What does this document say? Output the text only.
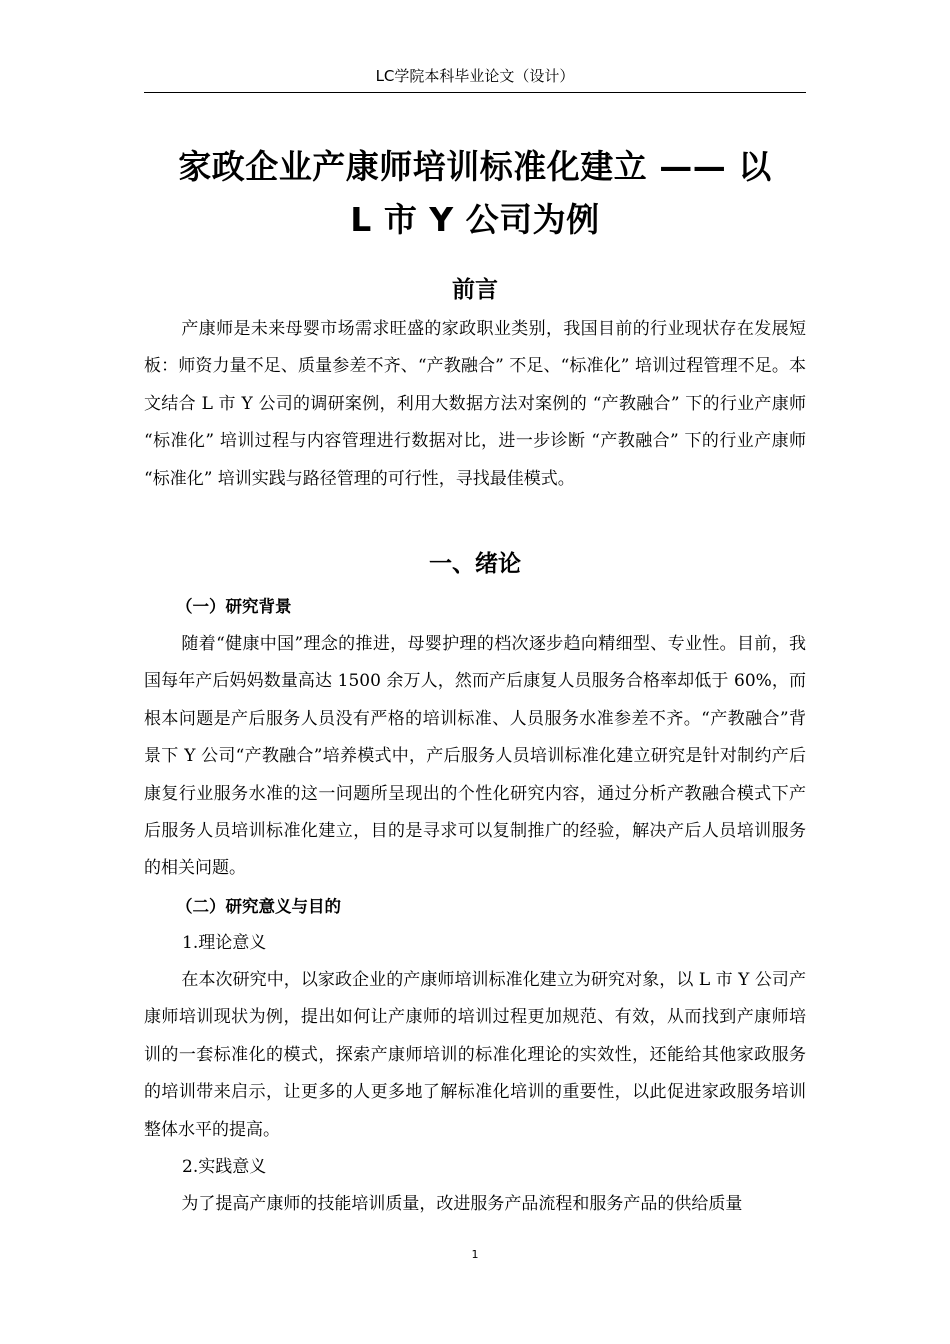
LC学院本科毕业论文（设计）
家政企业产康师培训标准化建立 —— 以
L 市 Y 公司为例
前言
产康师是未来母婴市场需求旺盛的家政职业类别，我国目前的行业现状存在发展短板：师资力量不足、质量参差不齐、“产教融合” 不足、“标准化” 培训过程管理不足。本文结合 L 市 Y 公司的调研案例，利用大数据方法对案例的 “产教融合” 下的行业产康师 “标准化” 培训过程与内容管理进行数据对比，进一步诊断 “产教融合” 下的行业产康师 “标准化” 培训实践与路径管理的可行性，寻找最佳模式。
一、绪论
（一）研究背景
随着“健康中国”理念的推进，母婴护理的档次逐步趋向精细型、专业性。目前，我国每年产后妈妈数量高达 1500 余万人，然而产后康复人员服务合格率却低于 60%，而根本问题是产后服务人员没有严格的培训标准、人员服务水准参差不齐。“产教融合”背景下 Y 公司“产教融合”培养模式中，产后服务人员培训标准化建立研究是针对制约产后康复行业服务水准的这一问题所呈现出的个性化研究内容，通过分析产教融合模式下产后服务人员培训标准化建立，目的是寻求可以复制推广的经验，解决产后人员培训服务的相关问题。
（二）研究意义与目的
1.理论意义
在本次研究中，以家政企业的产康师培训标准化建立为研究对象，以 L 市 Y 公司产康师培训现状为例，提出如何让产康师的培训过程更加规范、有效，从而找到产康师培训的一套标准化的模式，探索产康师培训的标准化理论的实效性，还能给其他家政服务的培训带来启示，让更多的人更多地了解标准化培训的重要性，以此促进家政服务培训整体水平的提高。
2.实践意义
为了提高产康师的技能培训质量，改进服务产品流程和服务产品的供给质量
1
